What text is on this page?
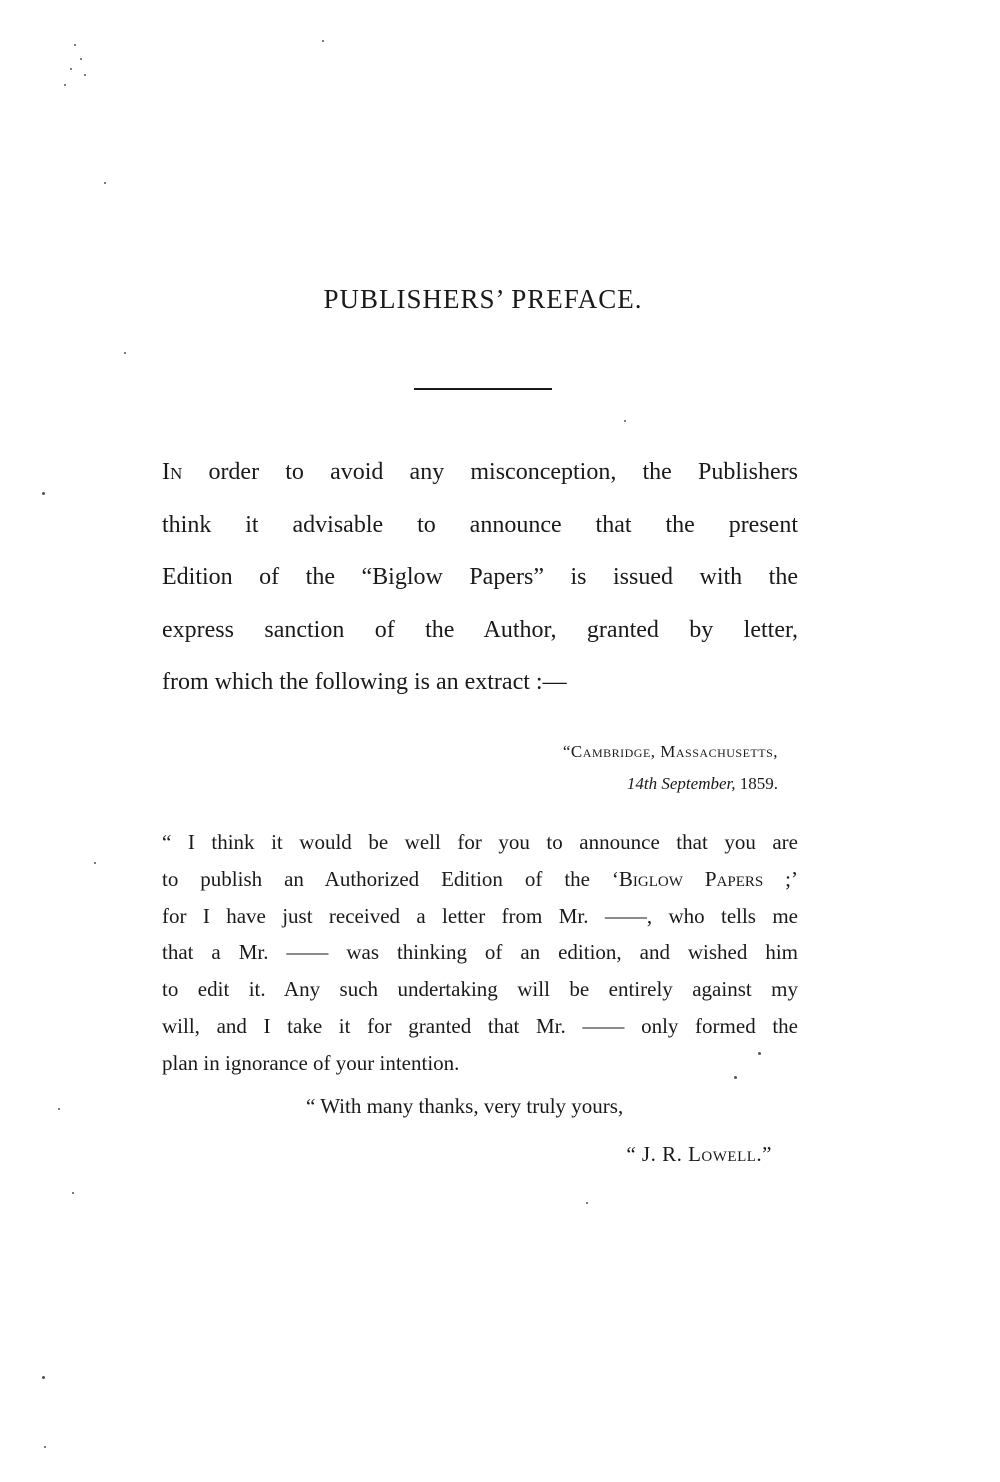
PUBLISHERS’ PREFACE.
In order to avoid any misconception, the Publishers
think it advisable to announce that the present
Edition of the “Biglow Papers” is issued with the
express sanction of the Author, granted by letter,
from which the following is an extract :—
“Cambridge, Massachusetts,
14th September, 1859.
“ I think it would be well for you to announce that you are
to publish an Authorized Edition of the ‘Biglow Papers ;’
for I have just received a letter from Mr. ——, who tells me
that a Mr. —— was thinking of an edition, and wished him
to edit it. Any such undertaking will be entirely against my
will, and I take it for granted that Mr. —— only formed the
plan in ignorance of your intention.
“ With many thanks, very truly yours,
“ J. R. Lowell.”
